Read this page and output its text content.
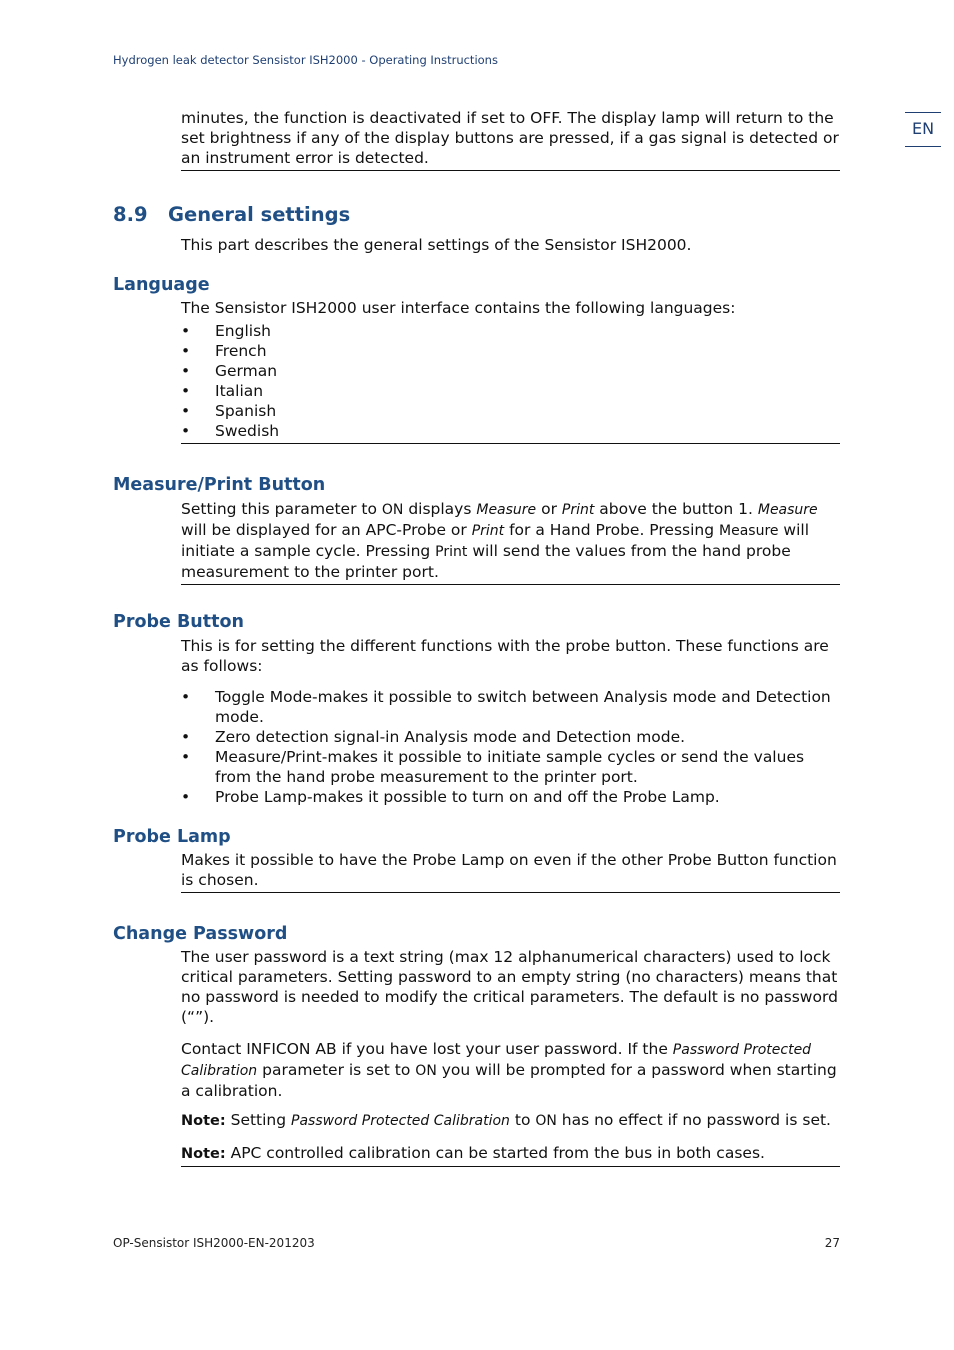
Hydrogen leak detector Sensistor ISH2000 - Operating Instructions
EN
minutes, the function is deactivated if set to OFF. The display lamp will return to the set brightness if any of the display buttons are pressed, if a gas signal is detected or an instrument error is detected.
8.9 General settings
This part describes the general settings of the Sensistor ISH2000.
Language
The Sensistor ISH2000 user interface contains the following languages:
• English
• French
• German
• Italian
• Spanish
• Swedish
Measure/Print Button
Setting this parameter to ON displays Measure or Print above the button 1. Measure will be displayed for an APC-Probe or Print for a Hand Probe. Pressing Measure will initiate a sample cycle. Pressing Print will send the values from the hand probe measurement to the printer port.
Probe Button
This is for setting the different functions with the probe button. These functions are as follows:
• Toggle Mode-makes it possible to switch between Analysis mode and Detection mode.
• Zero detection signal-in Analysis mode and Detection mode.
• Measure/Print-makes it possible to initiate sample cycles or send the values from the hand probe measurement to the printer port.
• Probe Lamp-makes it possible to turn on and off the Probe Lamp.
Probe Lamp
Makes it possible to have the Probe Lamp on even if the other Probe Button function is chosen.
Change Password
The user password is a text string (max 12 alphanumerical characters) used to lock critical parameters. Setting password to an empty string (no characters) means that no password is needed to modify the critical parameters. The default is no password (“”).
Contact INFICON AB if you have lost your user password. If the Password Protected Calibration parameter is set to ON you will be prompted for a password when starting a calibration.
Note: Setting Password Protected Calibration to ON has no effect if no password is set.
Note: APC controlled calibration can be started from the bus in both cases.
OP-Sensistor ISH2000-EN-201203	27
